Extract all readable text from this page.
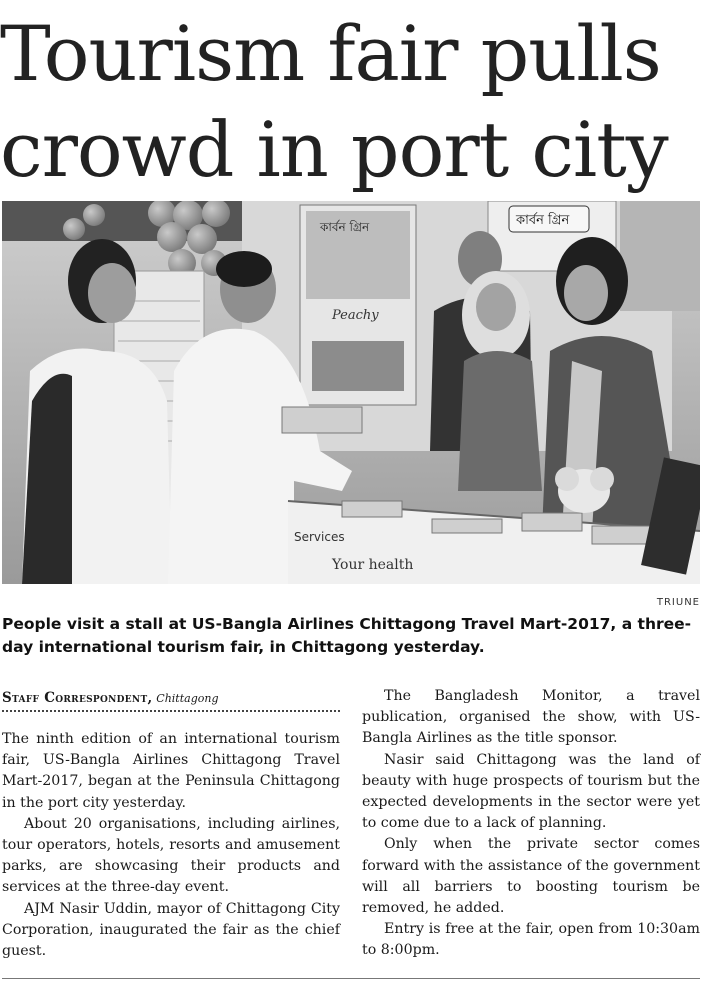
Tourism fair pulls
crowd in port city
কার্বন গ্রিন
Peachy
কার্বন গ্রিন
Services
Your health
TRIUNE
People visit a stall at US-Bangla Airlines Chittagong Travel Mart-2017, a three-day international tourism fair, in Chittagong yesterday.
Staff Correspondent, Chittagong

The ninth edition of an international tourism fair, US-Bangla Airlines Chittagong Travel Mart-2017, began at the Peninsula Chittagong in the port city yesterday.

About 20 organisations, including airlines, tour operators, hotels, resorts and amusement parks, are showcasing their products and services at the three-day event.

AJM Nasir Uddin, mayor of Chittagong City Corporation, inaugurated the fair as the chief guest.

The Bangladesh Monitor, a travel publication, organised the show, with US-Bangla Airlines as the title sponsor.

Nasir said Chittagong was the land of beauty with huge prospects of tourism but the expected developments in the sector were yet to come due to a lack of planning.

Only when the private sector comes forward with the assistance of the government will all barriers to boosting tourism be removed, he added.

Entry is free at the fair, open from 10:30am to 8:00pm.
